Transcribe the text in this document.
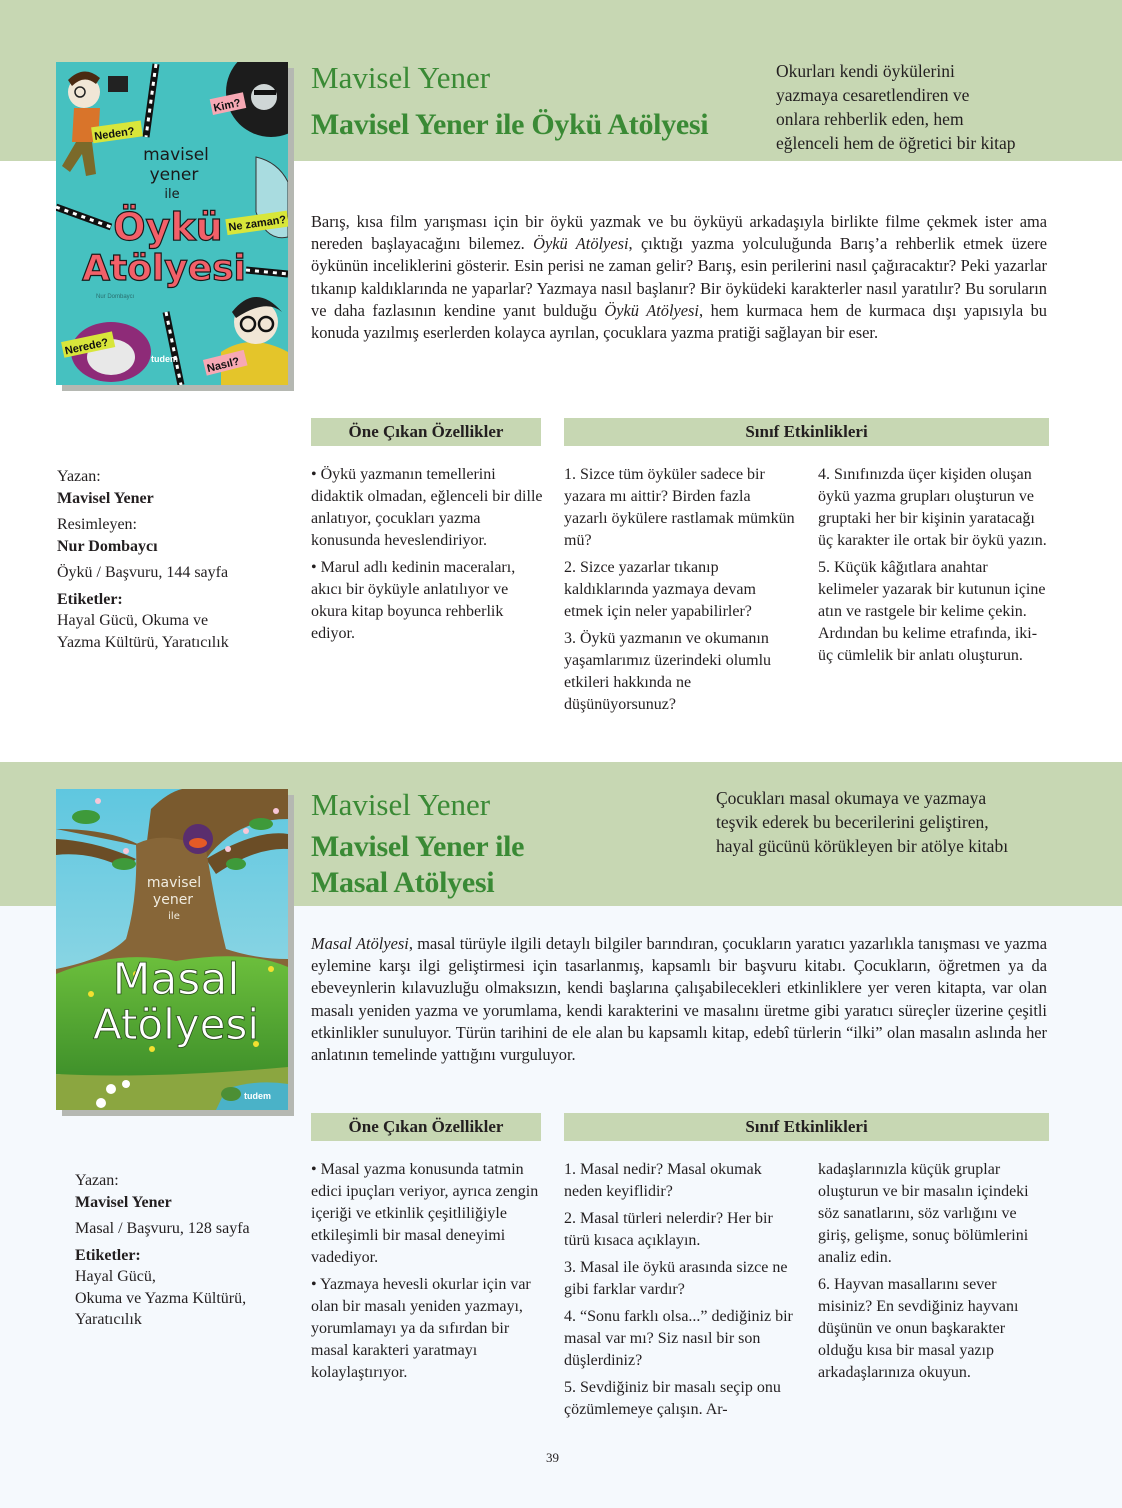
Neden?
Kim?
Ne zaman?
Nerede?
Nasıl?
mavisel
yener
ile
Öykü
Atölyesi
Nur Dombaycı
tudem
Mavisel Yener
Mavisel Yener ile Öykü Atölyesi
Okurları kendi öykülerini
yazmaya cesaretlendiren ve
onlara rehberlik eden, hem
eğlenceli hem de öğretici bir kitap
Barış, kısa film yarışması için bir öykü yazmak ve bu öyküyü arkadaşıyla birlikte filme çekmek ister ama nereden başlayacağını bilemez. Öykü Atölyesi, çıktığı yazma yolculuğunda Barış’a rehberlik etmek üzere öykünün inceliklerini gösterir. Esin perisi ne zaman gelir? Barış, esin perilerini nasıl çağıracaktır? Peki yazarlar tıkanıp kaldıklarında ne yaparlar? Yazmaya nasıl başlanır? Bir öyküdeki karakterler nasıl yaratılır? Bu soruların ve daha fazlasının kendine yanıt bulduğu Öykü Atölyesi, hem kurmaca hem de kurmaca dışı yapısıyla bu konuda yazılmış eserlerden kolayca ayrılan, çocuklara yazma pratiği sağlayan bir eser.
Öne Çıkan Özellikler	Sınıf Etkinlikleri
Yazan:
Mavisel Yener
Resimleyen:
Nur Dombaycı
Öykü / Başvuru, 144 sayfa
Etiketler:
Hayal Gücü, Okuma ve
Yazma Kültürü, Yaratıcılık

• Öykü yazmanın temellerini didaktik olmadan, eğlenceli bir dille anlatıyor, çocukları yazma konusunda heveslendiriyor.

• Marul adlı kedinin maceraları, akıcı bir öyküyle anlatılıyor ve okura kitap boyunca rehberlik ediyor.

1. Sizce tüm öyküler sadece bir yazara mı aittir? Birden fazla yazarlı öykülere rastlamak mümkün mü?

2. Sizce yazarlar tıkanıp kaldıklarında yazmaya devam etmek için neler yapabilirler?

3. Öykü yazmanın ve okumanın yaşamlarımız üzerindeki olumlu etkileri hakkında ne düşünüyorsunuz?

4. Sınıfınızda üçer kişiden oluşan öykü yazma grupları oluşturun ve gruptaki her bir kişinin yaratacağı üç karakter ile ortak bir öykü yazın.

5. Küçük kâğıtlara anahtar kelimeler yazarak bir kutunun içine atın ve rastgele bir kelime çekin. Ardından bu kelime etrafında, iki-üç cümlelik bir anlatı oluşturun.

mavisel
yener
ile
Masal
Atölyesi
tudem
Mavisel Yener
Mavisel Yener ile
Masal Atölyesi
Çocukları masal okumaya ve yazmaya
teşvik ederek bu becerilerini geliştiren,
hayal gücünü körükleyen bir atölye kitabı
Masal Atölyesi, masal türüyle ilgili detaylı bilgiler barındıran, çocukların yaratıcı yazarlıkla tanışması ve yazma eylemine karşı ilgi geliştirmesi için tasarlanmış, kapsamlı bir başvuru kitabı. Çocukların, öğretmen ya da ebeveynlerin kılavuzluğu olmaksızın, kendi başlarına çalışabilecekleri etkinliklere yer veren kitapta, var olan masalı yeniden yazma ve yorumlama, kendi karakterini ve masalını üretme gibi yaratıcı süreçler üzerine çeşitli etkinlikler sunuluyor. Türün tarihini de ele alan bu kapsamlı kitap, edebî türlerin “ilki” olan masalın aslında her anlatının temelinde yattığını vurguluyor.
Öne Çıkan Özellikler	Sınıf Etkinlikleri
Yazan:
Mavisel Yener
Masal / Başvuru, 128 sayfa
Etiketler:
Hayal Gücü,
Okuma ve Yazma Kültürü,
Yaratıcılık

• Masal yazma konusunda tatmin edici ipuçları veriyor, ayrıca zengin içeriği ve etkinlik çeşitliliğiyle etkileşimli bir masal deneyimi vadediyor.

• Yazmaya hevesli okurlar için var olan bir masalı yeniden yazmayı, yorumlamayı ya da sıfırdan bir masal karakteri yaratmayı kolaylaştırıyor.

1. Masal nedir? Masal okumak neden keyiflidir?

2. Masal türleri nelerdir? Her bir türü kısaca açıklayın.

3. Masal ile öykü arasında sizce ne gibi farklar vardır?

4. “Sonu farklı olsa...” dediğiniz bir masal var mı? Siz nasıl bir son düşlerdiniz?

5. Sevdiğiniz bir masalı seçip onu çözümlemeye çalışın. Ar-

kadaşlarınızla küçük gruplar oluşturun ve bir masalın içindeki söz sanatlarını, söz varlığını ve giriş, gelişme, sonuç bölümlerini analiz edin.

6. Hayvan masallarını sever misiniz? En sevdiğiniz hayvanı düşünün ve onun başkarakter olduğu kısa bir masal yazıp arkadaşlarınıza okuyun.

39
